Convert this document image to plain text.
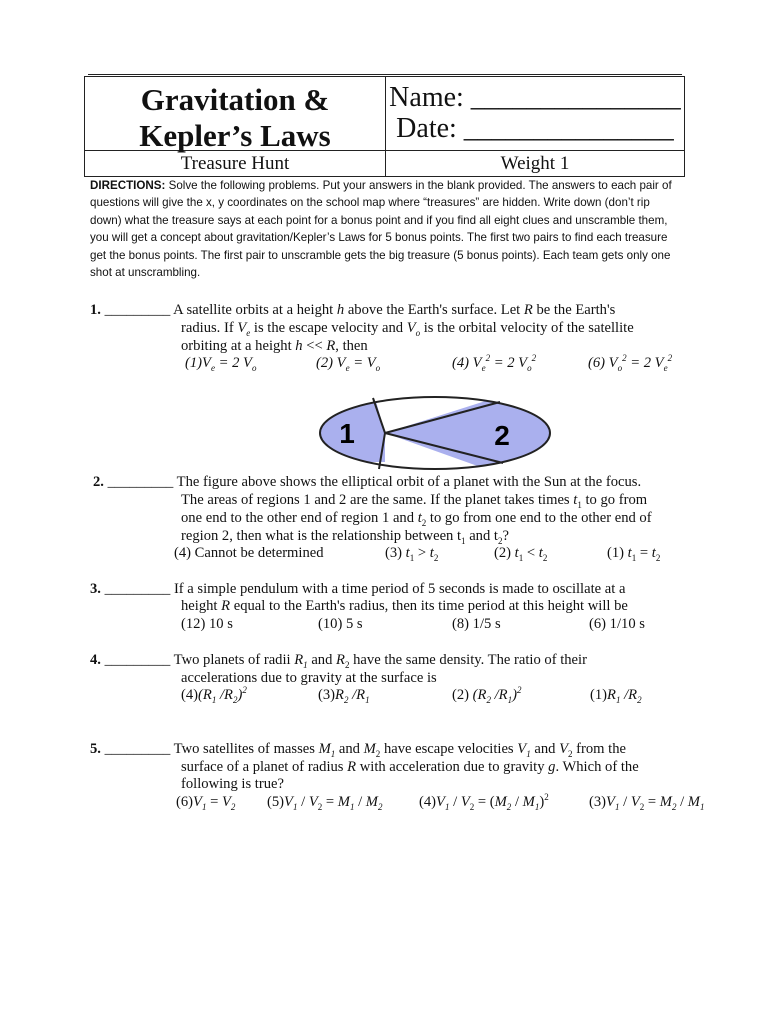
Gravitation &
Kepler’s Laws
Name: _______________
Date: _______________
Treasure Hunt	Weight 1
DIRECTIONS: Solve the following problems. Put your answers in the blank provided. The answers to each pair of questions will give the x, y coordinates on the school map where “treasures” are hidden. Write down (don’t rip down) what the treasure says at each point for a bonus point and if you find all eight clues and unscramble them, you will get a concept about gravitation/Kepler’s Laws for 5 bonus points. The first two pairs to find each treasure get the bonus points. The first pair to unscramble gets the big treasure (5 bonus points). Each team gets only one shot at unscrambling.
1. _________ A satellite orbits at a height h above the Earth's surface. Let R be the Earth's
radius. If $V_e$ is the escape velocity and $V_o$ is the orbital velocity of the satellite
orbiting at a height h << R, then
$(1)V_e = 2$ $V_o$	(2) $V_e = V_o$	(4) $V_e^2 = 2$ $V_o^2$	(6) $V_o^2 = 2$ $V_e^2$
1	2
2. _________ The figure above shows the elliptical orbit of a planet with the Sun at the focus.
The areas of regions 1 and 2 are the same. If the planet takes times $t_1$ to go from
one end to the other end of region 1 and $t_2$ to go from one end to the other end of
region 2, then what is the relationship between $t_1$ and $t_2$?
(4) Cannot be determined	(3) $t_1 > t_2$	(2) $t_1 < t_2$	(1) $t_1 = t_2$
3. _________ If a simple pendulum with a time period of 5 seconds is made to oscillate at a
height R equal to the Earth's radius, then its time period at this height will be
(12) 10 s	(10) 5 s	(8) 1/5 s	(6) 1/10 s
4. _________ Two planets of radii $R_1$ and $R_2$ have the same density. The ratio of their
accelerations due to gravity at the surface is
$(4)(R_1$ $/R_2)^2$	$(3)R_2$ $/R_1$	(2) ($R_2$ $/R_1)^2$	$(1)R_1$ $/R_2$
5. _________ Two satellites of masses $M_1$ and $M_2$ have escape velocities $V_1$ and $V_2$ from the
surface of a planet of radius R with acceleration due to gravity g. Which of the
following is true?
$(6)V_1 = V_2$ $(5)V_1 / V_2 = M_1 / M_2$	$(4)V_1 / V_2 = (M_2 / M_1)^2$	$(3)V_1 / V_2 = M_2 / M_1$
